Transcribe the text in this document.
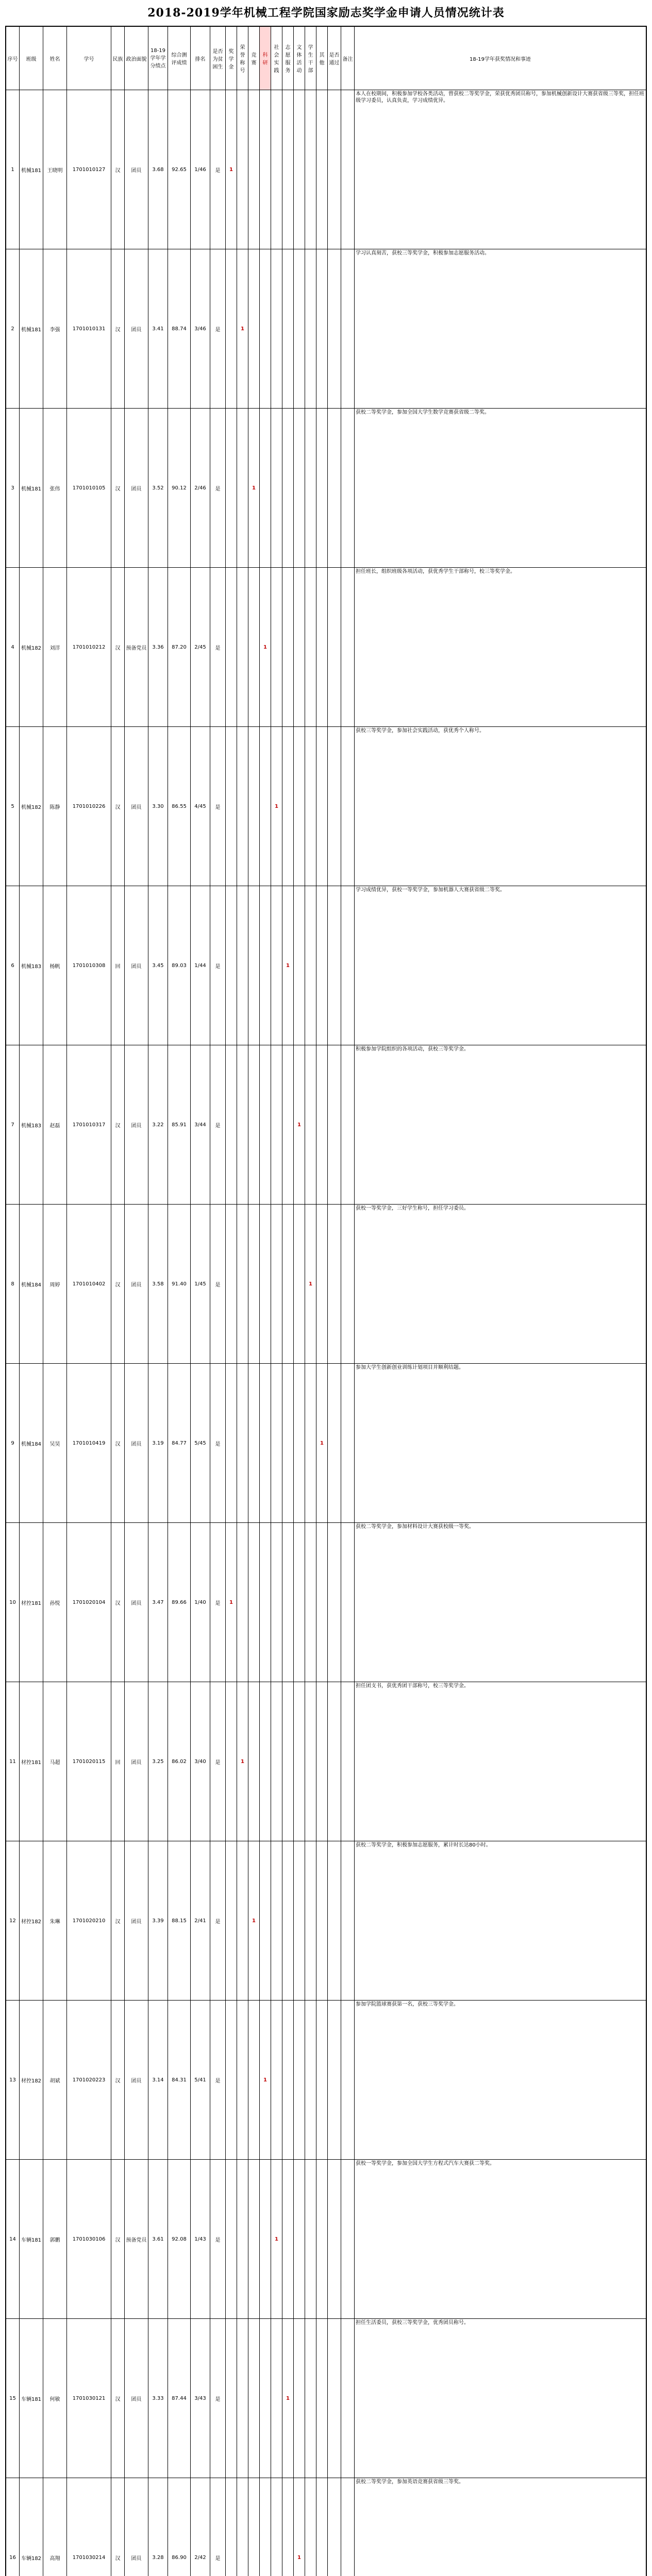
2018-2019学年机械工程学院国家励志奖学金申请人员情况统计表
序号	班级	姓名	学号	民族	政治面貌	18-19学年学分绩点	综合测评成绩	排名	是否为贫困生	奖学金	荣誉称号	竞赛	科研	社会实践	志愿服务	文体活动	学生干部	其他	是否通过	备注	18-19学年获奖情况和事迹
1	机械181	王晓明	1701010127	汉	团员	3.68	92.65	1/46	是	1											本人在校期间，积极参加学校各类活动，曾获校二等奖学金，荣获优秀团员称号，参加机械创新设计大赛获省级三等奖，担任班级学习委员，认真负责，学习成绩优异。
2	机械181	李强	1701010131	汉	团员	3.41	88.74	3/46	是		1										学习认真刻苦，获校三等奖学金，积极参加志愿服务活动。
3	机械181	张伟	1701010105	汉	团员	3.52	90.12	2/46	是			1									获校二等奖学金，参加全国大学生数学竞赛获省级二等奖。
4	机械182	刘洋	1701010212	汉	预备党员	3.36	87.20	2/45	是				1								担任班长，组织班级各项活动，获优秀学生干部称号，校三等奖学金。
5	机械182	陈静	1701010226	汉	团员	3.30	86.55	4/45	是					1							获校三等奖学金，参加社会实践活动，获优秀个人称号。
6	机械183	杨帆	1701010308	回	团员	3.45	89.03	1/44	是						1						学习成绩优异，获校一等奖学金，参加机器人大赛获省级二等奖。
7	机械183	赵磊	1701010317	汉	团员	3.22	85.91	3/44	是							1					积极参加学院组织的各项活动，获校三等奖学金。
8	机械184	周婷	1701010402	汉	团员	3.58	91.40	1/45	是								1				获校一等奖学金，三好学生称号，担任学习委员。
9	机械184	吴昊	1701010419	汉	团员	3.19	84.77	5/45	是									1			参加大学生创新创业训练计划项目并顺利结题。
10	材控181	孙悦	1701020104	汉	团员	3.47	89.66	1/40	是	1											获校二等奖学金，参加材料设计大赛获校级一等奖。
11	材控181	马超	1701020115	回	团员	3.25	86.02	3/40	是		1										担任团支书，获优秀团干部称号，校三等奖学金。
12	材控182	朱琳	1701020210	汉	团员	3.39	88.15	2/41	是			1									获校二等奖学金，积极参加志愿服务，累计时长达80小时。
13	材控182	胡斌	1701020223	汉	团员	3.14	84.31	5/41	是				1								参加学院篮球赛获第一名，获校三等奖学金。
14	车辆181	郭鹏	1701030106	汉	预备党员	3.61	92.08	1/43	是					1							获校一等奖学金，参加全国大学生方程式汽车大赛获二等奖。
15	车辆181	何敏	1701030121	汉	团员	3.33	87.44	3/43	是						1						担任生活委员，获校三等奖学金，优秀团员称号。
16	车辆182	高翔	1701030214	汉	团员	3.28	86.90	2/42	是							1					获校二等奖学金，参加英语竞赛获省级三等奖。
